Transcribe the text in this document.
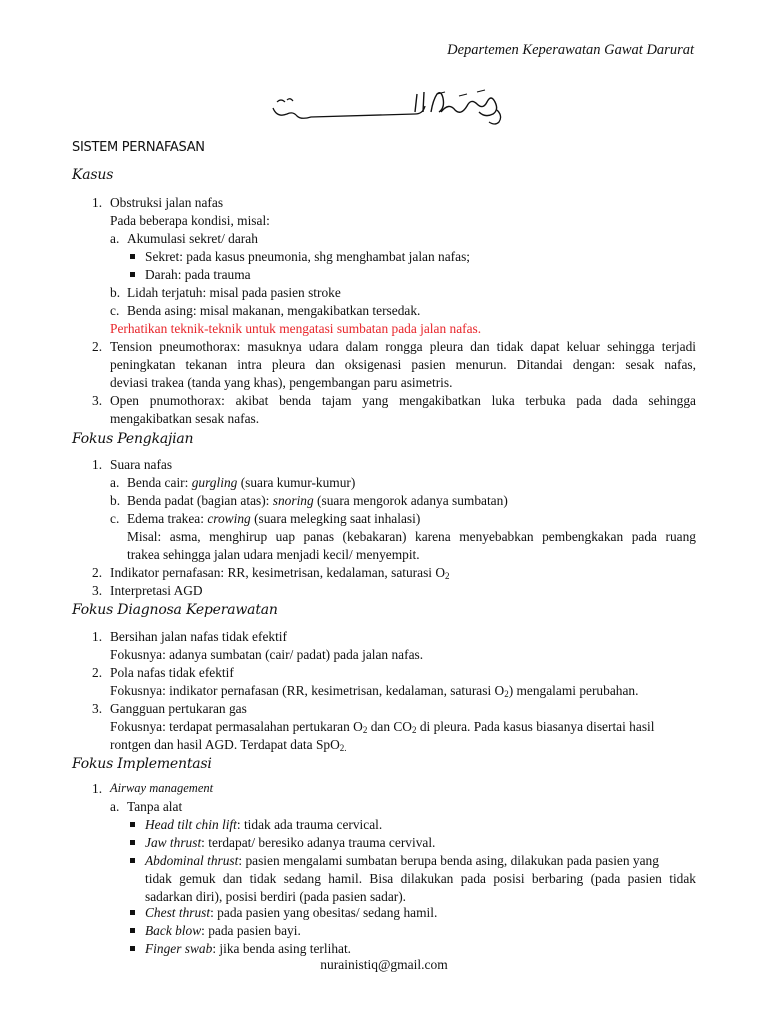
Departemen Keperawatan Gawat Darurat
SISTEM PERNAFASAN
Kasus
1. Obstruksi jalan nafas
Pada beberapa kondisi, misal:
a. Akumulasi sekret/ darah
Sekret: pada kasus pneumonia, shg menghambat jalan nafas;
Darah: pada trauma
b. Lidah terjatuh: misal pada pasien stroke
c. Benda asing: misal makanan, mengakibatkan tersedak.
Perhatikan teknik-teknik untuk mengatasi sumbatan pada jalan nafas.
2. Tension pneumothorax: masuknya udara dalam rongga pleura dan tidak dapat keluar sehingga terjadi
peningkatan tekanan intra pleura dan oksigenasi pasien menurun. Ditandai dengan: sesak nafas,
deviasi trakea (tanda yang khas), pengembangan paru asimetris.
3. Open pnumothorax: akibat benda tajam yang mengakibatkan luka terbuka pada dada sehingga
mengakibatkan sesak nafas.
Fokus Pengkajian
1. Suara nafas
a. Benda cair: gurgling (suara kumur-kumur)
b. Benda padat (bagian atas): snoring (suara mengorok adanya sumbatan)
c. Edema trakea: crowing (suara melegking saat inhalasi)
Misal: asma, menghirup uap panas (kebakaran) karena menyebabkan pembengkakan pada ruang
trakea sehingga jalan udara menjadi kecil/ menyempit.
2. Indikator pernafasan: RR, kesimetrisan, kedalaman, saturasi $O_2$
3. Interpretasi AGD
Fokus Diagnosa Keperawatan
1. Bersihan jalan nafas tidak efektif
Fokusnya: adanya sumbatan (cair/ padat) pada jalan nafas.
2. Pola nafas tidak efektif
Fokusnya: indikator pernafasan (RR, kesimetrisan, kedalaman, saturasi $O_2$) mengalami perubahan.
3. Gangguan pertukaran gas
Fokusnya: terdapat permasalahan pertukaran $O_2$ dan $CO_2$ di pleura. Pada kasus biasanya disertai hasil
rontgen dan hasil AGD. Terdapat data SpO$_{2.}$
Fokus Implementasi
1. Airway management
a. Tanpa alat
Head tilt chin lift: tidak ada trauma cervical.
Jaw thrust: terdapat/ beresiko adanya trauma cervival.
Abdominal thrust: pasien mengalami sumbatan berupa benda asing, dilakukan pada pasien yang
tidak gemuk dan tidak sedang hamil. Bisa dilakukan pada posisi berbaring (pada pasien tidak
sadarkan diri), posisi berdiri (pada pasien sadar).
Chest thrust: pada pasien yang obesitas/ sedang hamil.
Back blow: pada pasien bayi.
Finger swab: jika benda asing terlihat.
nurainistiq@gmail.com
